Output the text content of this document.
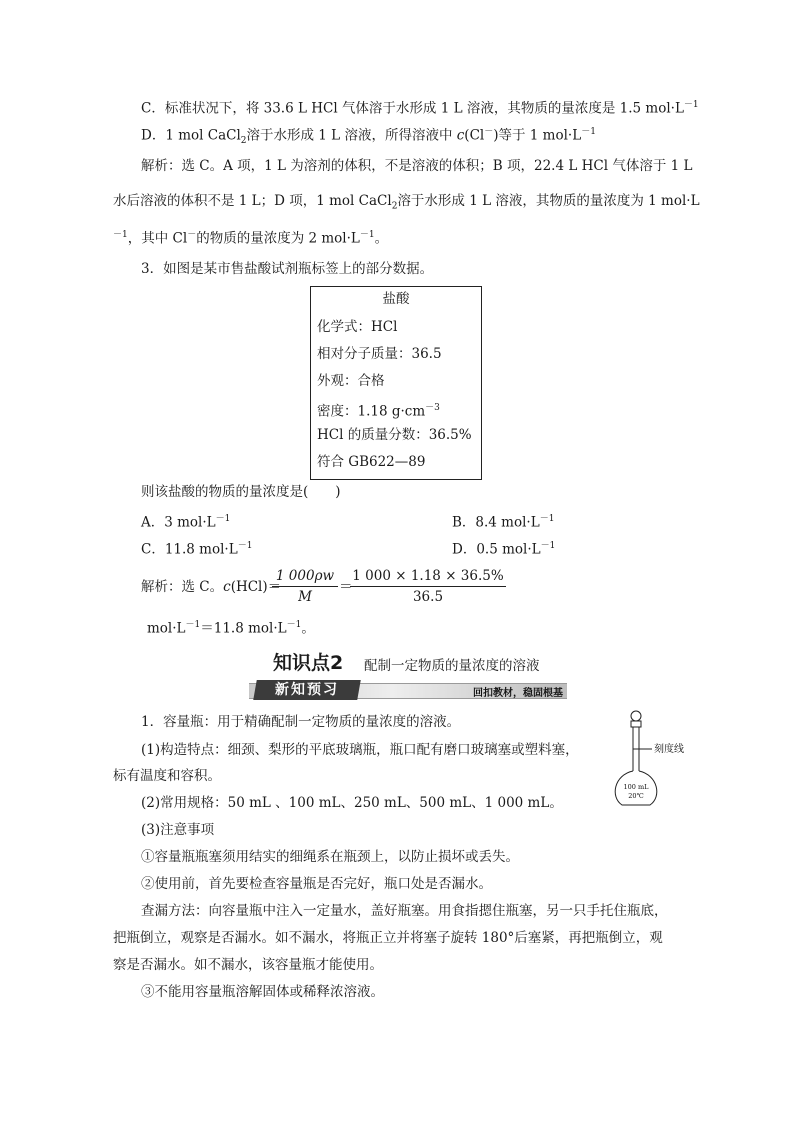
C．标准状况下，将 33.6 L HCl 气体溶于水形成 1 L 溶液，其物质的量浓度是 1.5 $mol\cdot L^{-1}$
D．1 mol CaCl$_2$溶于水形成 1 L 溶液，所得溶液中 c(Cl－)等于 1 $mol\cdot L^{-1}$
解析：选 C。A 项，1 L 为溶剂的体积，不是溶液的体积；B 项，22.4 L HCl 气体溶于 1 L
水后溶液的体积不是 1 L；D 项，1 mol CaCl$_2$溶于水形成 1 L 溶液，其物质的量浓度为 1 mol·L
$^{-1}$，其中 Cl－的物质的量浓度为 2 $mol\cdot L^{-1}$。
3．如图是某市售盐酸试剂瓶标签上的部分数据。
盐酸
化学式：HCl
相对分子质量：36.5
外观：合格
密度：1.18 $g\cdot cm^{-3}$
HCl 的质量分数：36.5%
符合 GB622—89
则该盐酸的物质的量浓度是(　　)
A．3 $mol\cdot L^{-1}$	B．8.4 $mol\cdot L^{-1}$
C．11.8 $mol\cdot L^{-1}$	D．0.5 $mol\cdot L^{-1}$
解析：选 C。c(HCl)＝
1 000ρw
M
＝
1 000 × 1.18 × 36.5%
36.5
$mol\cdot L^{-1}=11.8$ $mol\cdot L^{-1}$。
知识点2 配制一定物质的量浓度的溶液
新知预习	回扣教材，稳固根基
1．容量瓶：用于精确配制一定物质的量浓度的溶液。
(1)构造特点：细颈、梨形的平底玻璃瓶，瓶口配有磨口玻璃塞或塑料塞，
标有温度和容积。
(2)常用规格：50 mL 、100 mL、250 mL、500 mL、1 000 mL。
(3)注意事项
①容量瓶瓶塞须用结实的细绳系在瓶颈上，以防止损坏或丢失。
②使用前，首先要检查容量瓶是否完好，瓶口处是否漏水。
查漏方法：向容量瓶中注入一定量水，盖好瓶塞。用食指摁住瓶塞，另一只手托住瓶底，
把瓶倒立，观察是否漏水。如不漏水，将瓶正立并将塞子旋转 180°后塞紧，再把瓶倒立，观
察是否漏水。如不漏水，该容量瓶才能使用。
③不能用容量瓶溶解固体或稀释浓溶液。
刻度线
100 mL
20℃
